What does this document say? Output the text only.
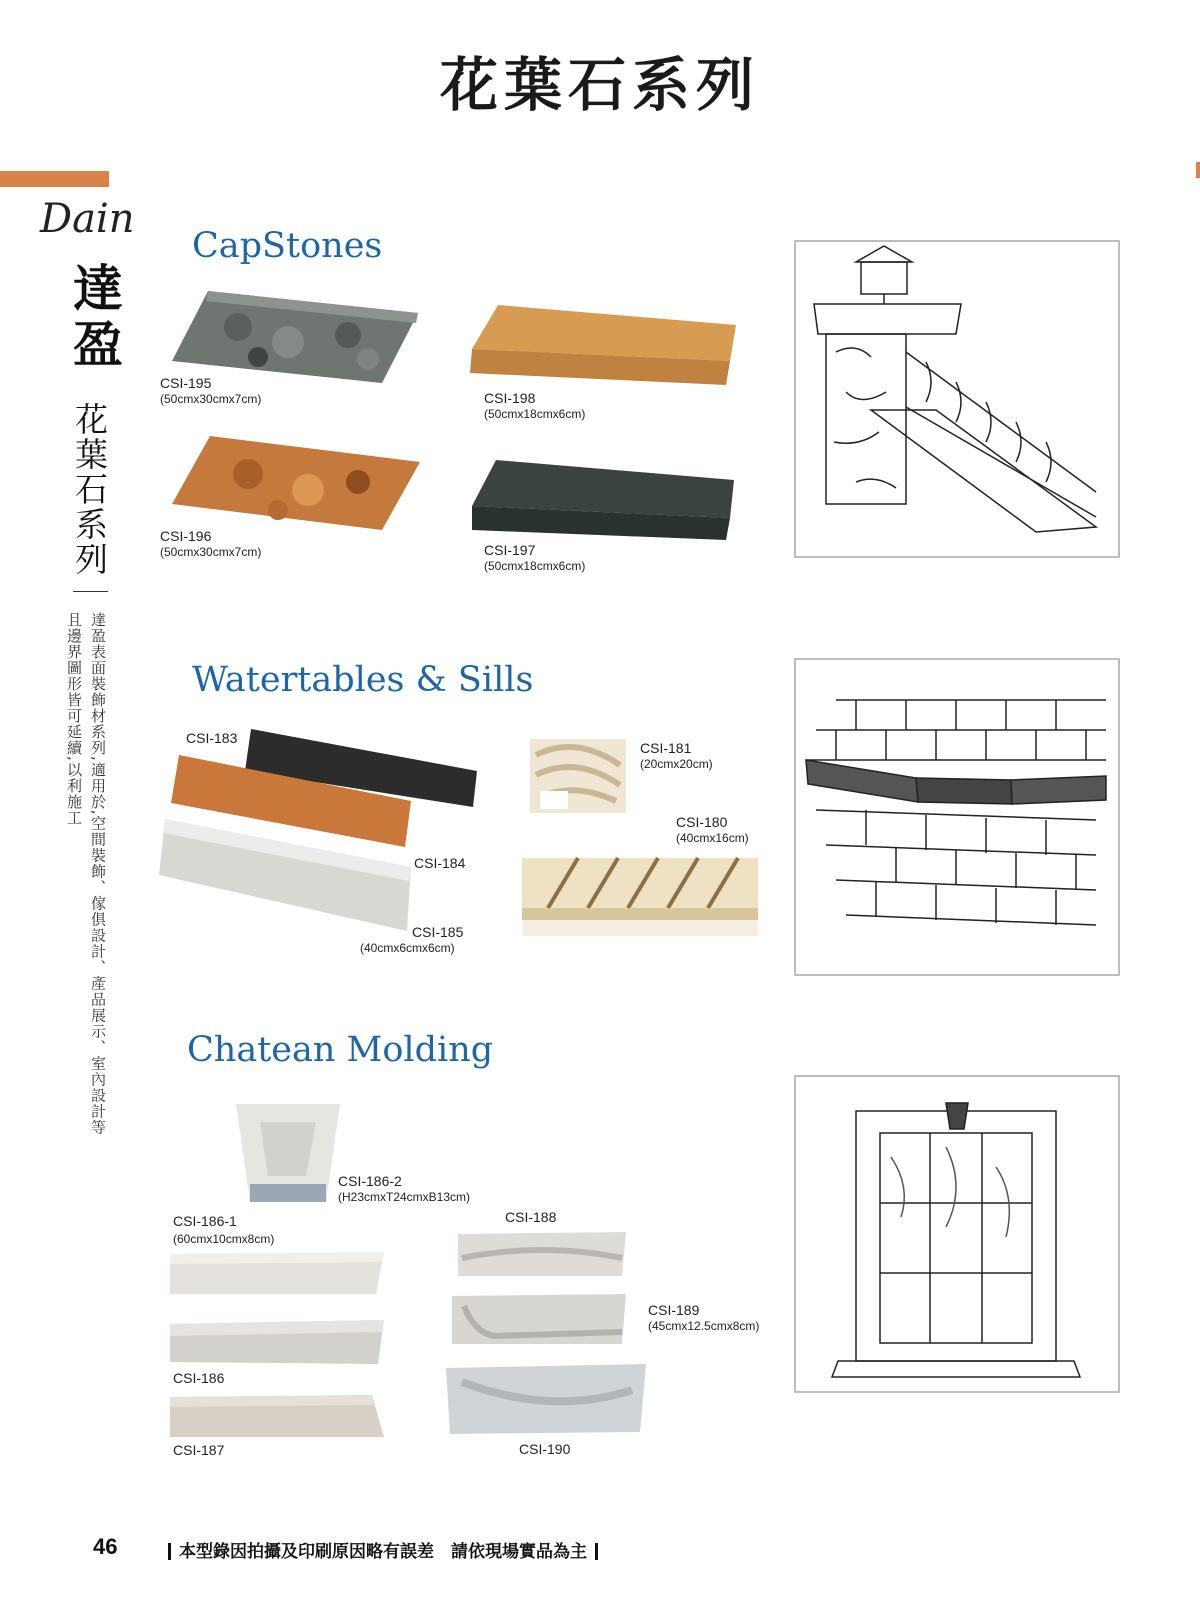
花葉石系列
Dain
達盈
花葉石系列
達盈表面裝飾材系列,適用於,空間裝飾、傢俱設計、產品展示、室內設計等
且邊界圖形皆可延續,以利施工
CapStones
CSI-195
(50cmx30cmx7cm)	CSI-198
(50cmx18cmx6cm)
CSI-196
(50cmx30cmx7cm)	CSI-197
(50cmx18cmx6cm)
Watertables & Sills
CSI-183
CSI-184
CSI-185
(40cmx6cmx6cm)
CSI-181
(20cmx20cm)
CSI-180
(40cmx16cm)
Chatean Molding
CSI-186-2
(H23cmxT24cmxB13cm)
CSI-186-1
(60cmx10cmx8cm)
CSI-186
CSI-187
CSI-188
CSI-189
(45cmx12.5cmx8cm)
CSI-190
46	本型錄因拍攝及印刷原因略有誤差　請依現場實品為主
